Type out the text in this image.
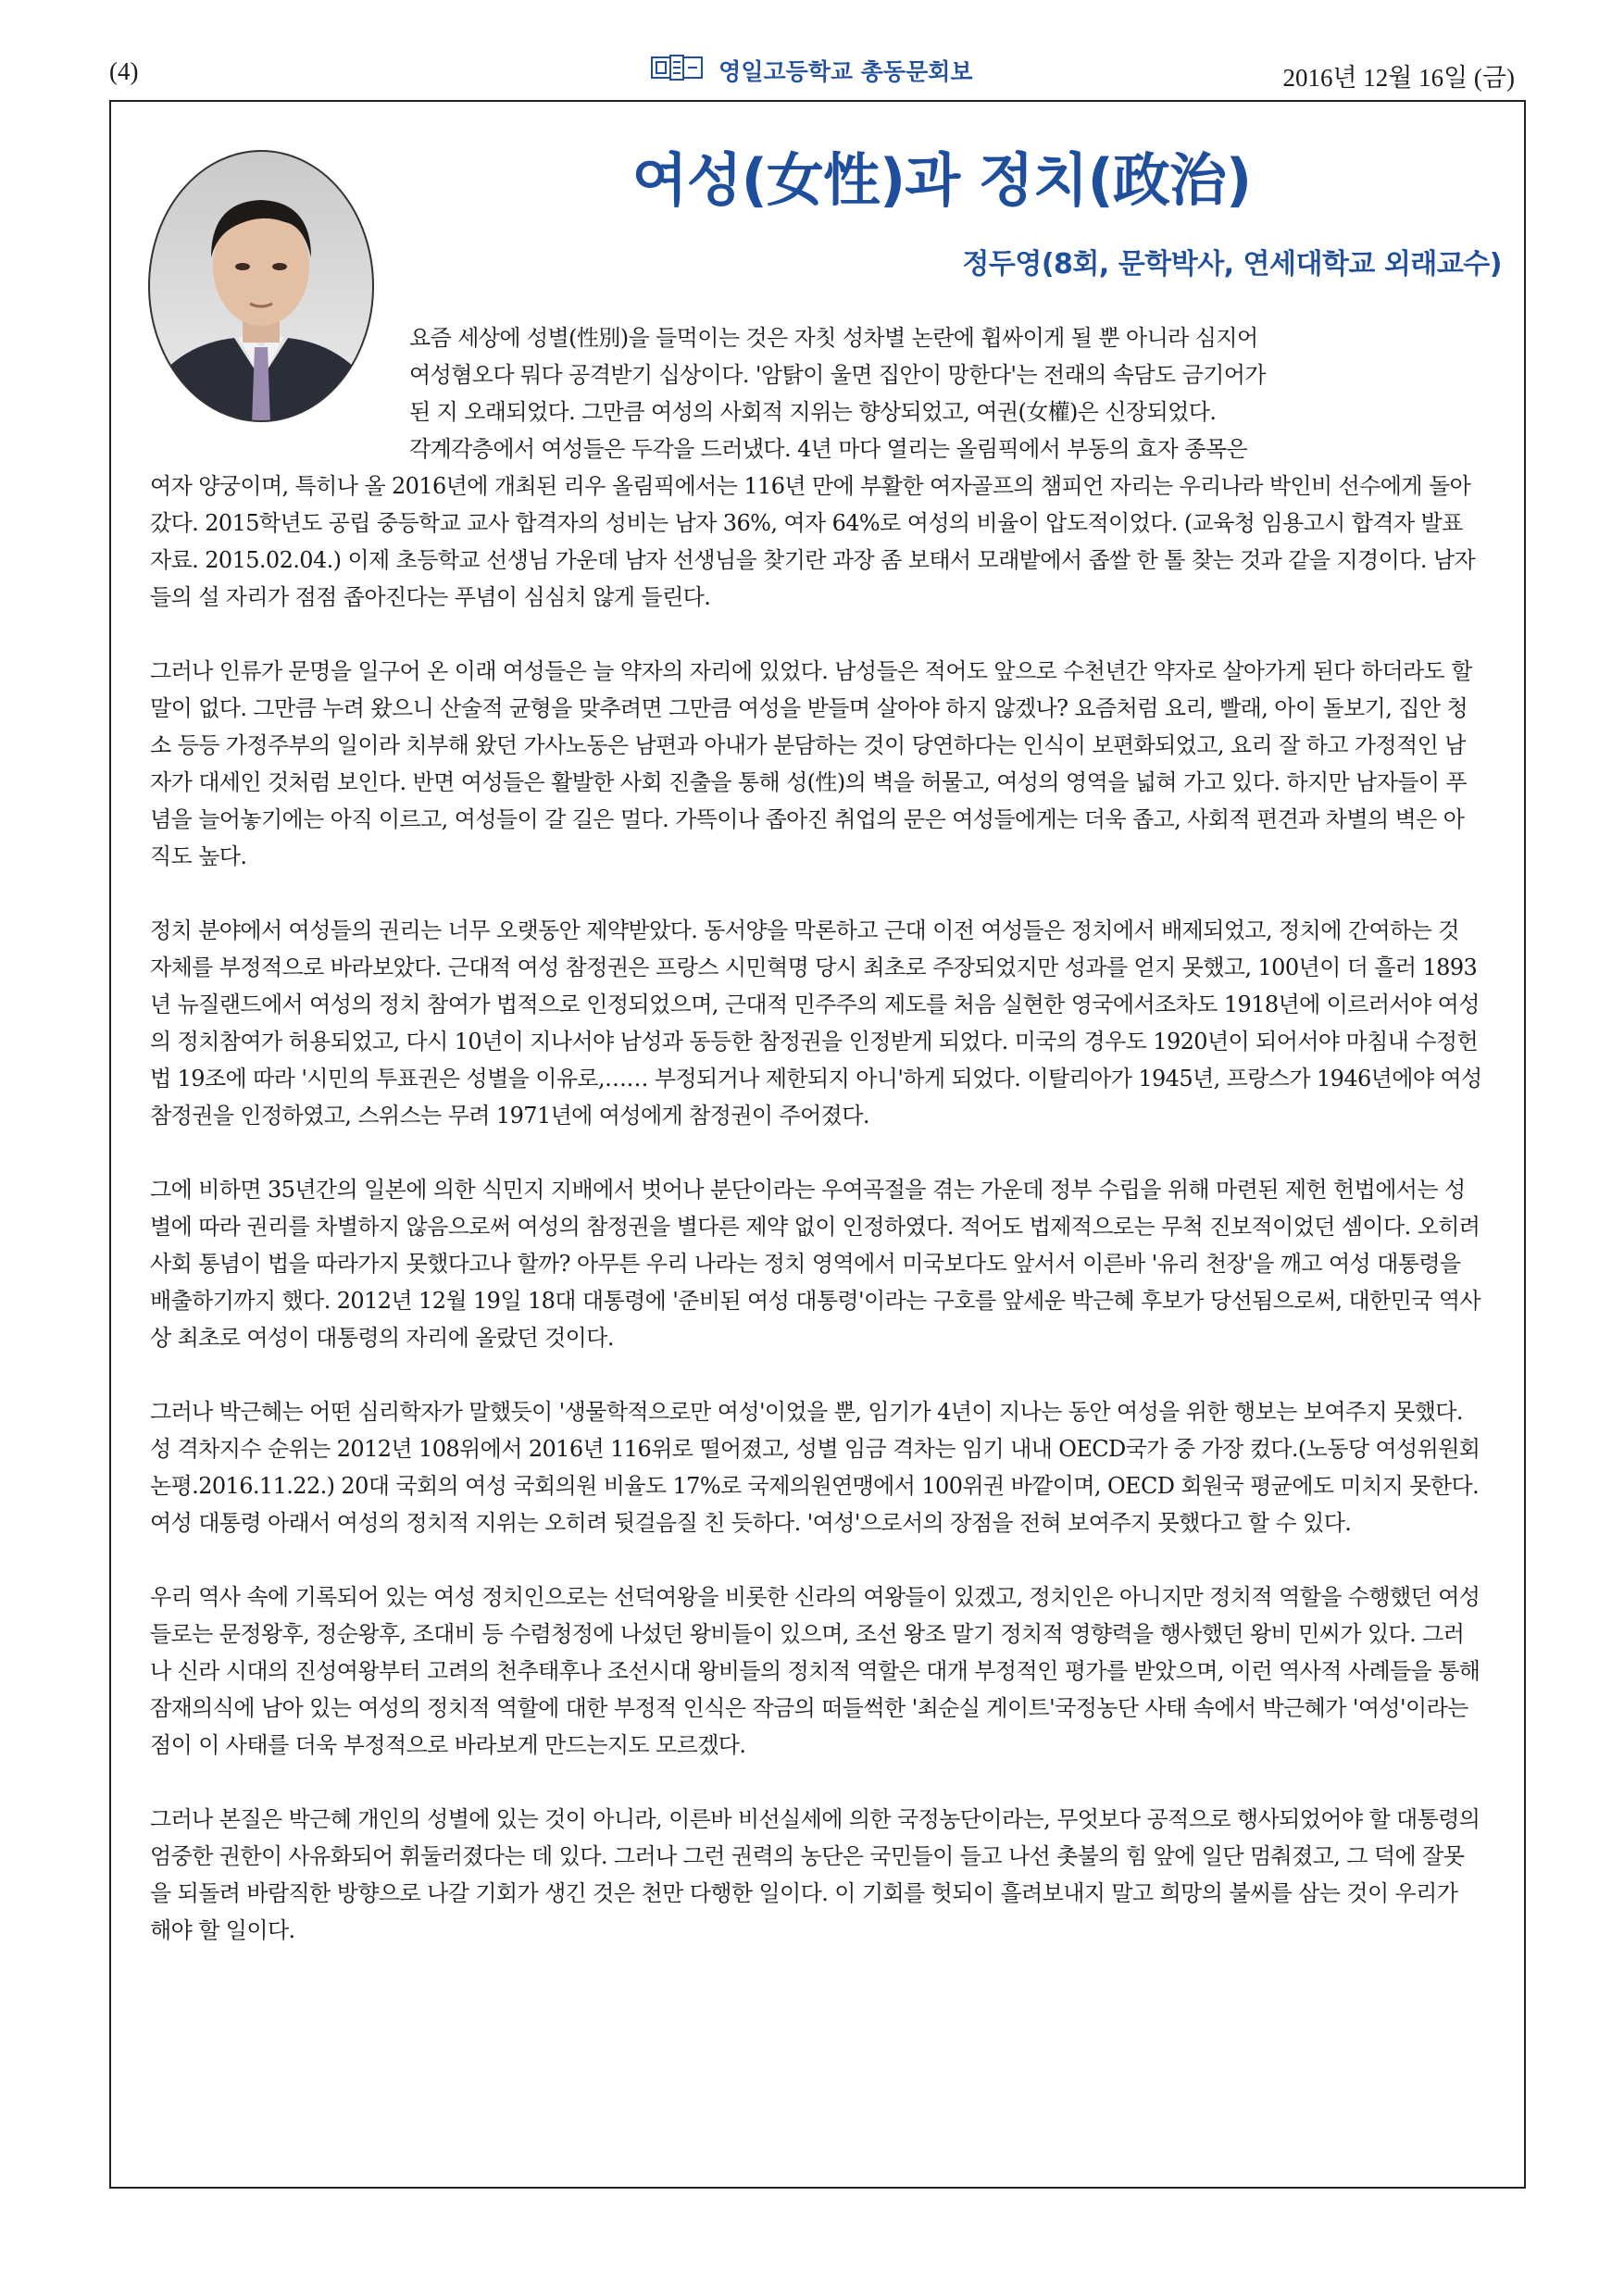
(4)	영일고등학교 총동문회보	2016년 12월 16일 (금)
여성(女性)과 정치(政治)
정두영(8회, 문학박사, 연세대학교 외래교수)

요즘 세상에 성별(性別)을 들먹이는 것은 자칫 성차별 논란에 휩싸이게 될 뿐 아니라 심지어
여성혐오다 뭐다 공격받기 십상이다. '암탉이 울면 집안이 망한다'는 전래의 속담도 금기어가
된 지 오래되었다. 그만큼 여성의 사회적 지위는 향상되었고, 여권(女權)은 신장되었다.
각계각층에서 여성들은 두각을 드러냈다. 4년 마다 열리는 올림픽에서 부동의 효자 종목은
여자 양궁이며, 특히나 올 2016년에 개최된 리우 올림픽에서는 116년 만에 부활한 여자골프의 챔피언 자리는 우리나라 박인비 선수에게 돌아갔다. 2015학년도 공립 중등학교 교사 합격자의 성비는 남자 36%, 여자 64%로 여성의 비율이 압도적이었다. (교육청 임용고시 합격자 발표자료. 2015.02.04.) 이제 초등학교 선생님 가운데 남자 선생님을 찾기란 과장 좀 보태서 모래밭에서 좁쌀 한 톨 찾는 것과 같을 지경이다. 남자들의 설 자리가 점점 좁아진다는 푸념이 심심치 않게 들린다.

그러나 인류가 문명을 일구어 온 이래 여성들은 늘 약자의 자리에 있었다. 남성들은 적어도 앞으로 수천년간 약자로 살아가게 된다 하더라도 할 말이 없다. 그만큼 누려 왔으니 산술적 균형을 맞추려면 그만큼 여성을 받들며 살아야 하지 않겠나? 요즘처럼 요리, 빨래, 아이 돌보기, 집안 청소 등등 가정주부의 일이라 치부해 왔던 가사노동은 남편과 아내가 분담하는 것이 당연하다는 인식이 보편화되었고, 요리 잘 하고 가정적인 남자가 대세인 것처럼 보인다. 반면 여성들은 활발한 사회 진출을 통해 성(性)의 벽을 허물고, 여성의 영역을 넓혀 가고 있다. 하지만 남자들이 푸념을 늘어놓기에는 아직 이르고, 여성들이 갈 길은 멀다. 가뜩이나 좁아진 취업의 문은 여성들에게는 더욱 좁고, 사회적 편견과 차별의 벽은 아직도 높다.

정치 분야에서 여성들의 권리는 너무 오랫동안 제약받았다. 동서양을 막론하고 근대 이전 여성들은 정치에서 배제되었고, 정치에 간여하는 것 자체를 부정적으로 바라보았다. 근대적 여성 참정권은 프랑스 시민혁명 당시 최초로 주장되었지만 성과를 얻지 못했고, 100년이 더 흘러 1893년 뉴질랜드에서 여성의 정치 참여가 법적으로 인정되었으며, 근대적 민주주의 제도를 처음 실현한 영국에서조차도 1918년에 이르러서야 여성의 정치참여가 허용되었고, 다시 10년이 지나서야 남성과 동등한 참정권을 인정받게 되었다. 미국의 경우도 1920년이 되어서야 마침내 수정헌법 19조에 따라 '시민의 투표권은 성별을 이유로,…… 부정되거나 제한되지 아니'하게 되었다. 이탈리아가 1945년, 프랑스가 1946년에야 여성 참정권을 인정하였고, 스위스는 무려 1971년에 여성에게 참정권이 주어졌다.

그에 비하면 35년간의 일본에 의한 식민지 지배에서 벗어나 분단이라는 우여곡절을 겪는 가운데 정부 수립을 위해 마련된 제헌 헌법에서는 성별에 따라 권리를 차별하지 않음으로써 여성의 참정권을 별다른 제약 없이 인정하였다. 적어도 법제적으로는 무척 진보적이었던 셈이다. 오히려 사회 통념이 법을 따라가지 못했다고나 할까? 아무튼 우리 나라는 정치 영역에서 미국보다도 앞서서 이른바 '유리 천장'을 깨고 여성 대통령을 배출하기까지 했다. 2012년 12월 19일 18대 대통령에 '준비된 여성 대통령'이라는 구호를 앞세운 박근혜 후보가 당선됨으로써, 대한민국 역사상 최초로 여성이 대통령의 자리에 올랐던 것이다.

그러나 박근혜는 어떤 심리학자가 말했듯이 '생물학적으로만 여성'이었을 뿐, 임기가 4년이 지나는 동안 여성을 위한 행보는 보여주지 못했다. 성 격차지수 순위는 2012년 108위에서 2016년 116위로 떨어졌고, 성별 임금 격차는 임기 내내 OECD국가 중 가장 컸다.(노동당 여성위원회 논평.2016.11.22.) 20대 국회의 여성 국회의원 비율도 17%로 국제의원연맹에서 100위권 바깥이며, OECD 회원국 평균에도 미치지 못한다. 여성 대통령 아래서 여성의 정치적 지위는 오히려 뒷걸음질 친 듯하다. '여성'으로서의 장점을 전혀 보여주지 못했다고 할 수 있다.

우리 역사 속에 기록되어 있는 여성 정치인으로는 선덕여왕을 비롯한 신라의 여왕들이 있겠고, 정치인은 아니지만 정치적 역할을 수행했던 여성들로는 문정왕후, 정순왕후, 조대비 등 수렴청정에 나섰던 왕비들이 있으며, 조선 왕조 말기 정치적 영향력을 행사했던 왕비 민씨가 있다. 그러나 신라 시대의 진성여왕부터 고려의 천추태후나 조선시대 왕비들의 정치적 역할은 대개 부정적인 평가를 받았으며, 이런 역사적 사례들을 통해 잠재의식에 남아 있는 여성의 정치적 역할에 대한 부정적 인식은 작금의 떠들썩한 '최순실 게이트'국정농단 사태 속에서 박근혜가 '여성'이라는 점이 이 사태를 더욱 부정적으로 바라보게 만드는지도 모르겠다.

그러나 본질은 박근혜 개인의 성별에 있는 것이 아니라, 이른바 비선실세에 의한 국정농단이라는, 무엇보다 공적으로 행사되었어야 할 대통령의 엄중한 권한이 사유화되어 휘둘러졌다는 데 있다. 그러나 그런 권력의 농단은 국민들이 들고 나선 촛불의 힘 앞에 일단 멈춰졌고, 그 덕에 잘못을 되돌려 바람직한 방향으로 나갈 기회가 생긴 것은 천만 다행한 일이다. 이 기회를 헛되이 흘려보내지 말고 희망의 불씨를 삼는 것이 우리가 해야 할 일이다.
